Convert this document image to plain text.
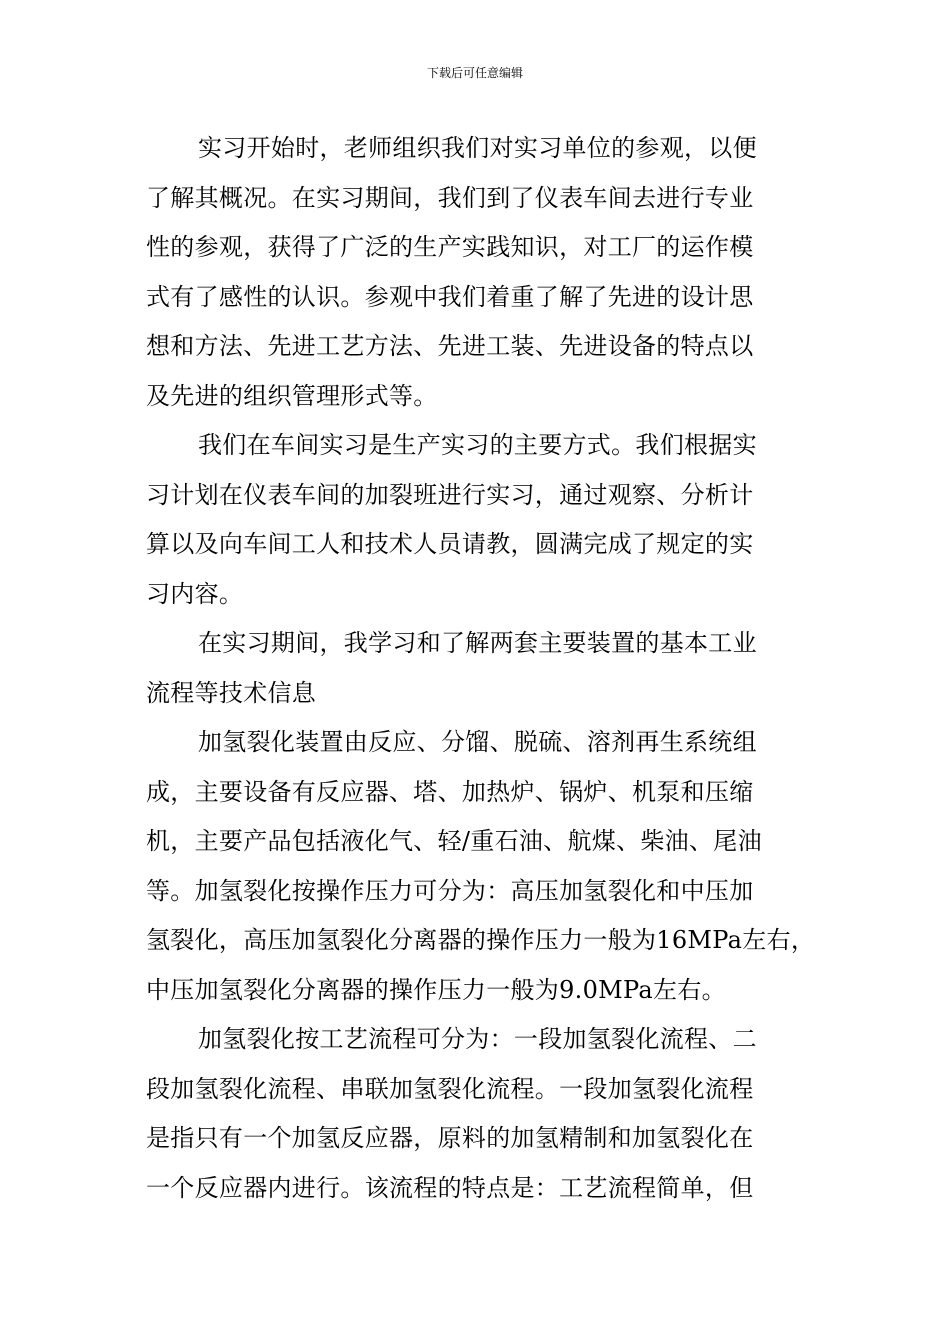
下载后可任意编辑
实习开始时，老师组织我们对实习单位的参观，以便
了解其概况。在实习期间，我们到了仪表车间去进行专业
性的参观，获得了广泛的生产实践知识，对工厂的运作模
式有了感性的认识。参观中我们着重了解了先进的设计思
想和方法、先进工艺方法、先进工装、先进设备的特点以
及先进的组织管理形式等。
我们在车间实习是生产实习的主要方式。我们根据实
习计划在仪表车间的加裂班进行实习，通过观察、分析计
算以及向车间工人和技术人员请教，圆满完成了规定的实
习内容。
在实习期间，我学习和了解两套主要装置的基本工业
流程等技术信息
加氢裂化装置由反应、分馏、脱硫、溶剂再生系统组
成，主要设备有反应器、塔、加热炉、锅炉、机泵和压缩
机，主要产品包括液化气、轻/重石油、航煤、柴油、尾油
等。加氢裂化按操作压力可分为：高压加氢裂化和中压加
氢裂化，高压加氢裂化分离器的操作压力一般为16MPa左右，
中压加氢裂化分离器的操作压力一般为9.0MPa左右。
加氢裂化按工艺流程可分为：一段加氢裂化流程、二
段加氢裂化流程、串联加氢裂化流程。一段加氢裂化流程
是指只有一个加氢反应器，原料的加氢精制和加氢裂化在
一个反应器内进行。该流程的特点是：工艺流程简单，但
